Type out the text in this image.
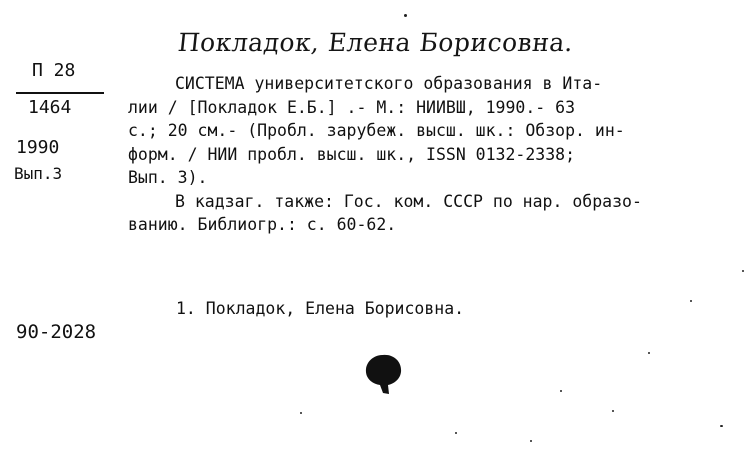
Покладок, Елена Борисовна.
П 28
1464
1990
Вып.3
СИСТЕМА университетского образования в Ита-
лии / [Покладок Е.Б.] .- М.: НИИВШ, 1990.- 63
с.; 20 см.- (Пробл. зарубеж. высш. шк.: Обзор. ин-
форм. / НИИ пробл. высш. шк., ISSN 0132-2338;
Вып. 3).
В кадзаг. также: Гос. ком. СССР по нар. образо-
ванию. Библиогр.: с. 60-62.
1. Покладок, Елена Борисовна.
90-2028
